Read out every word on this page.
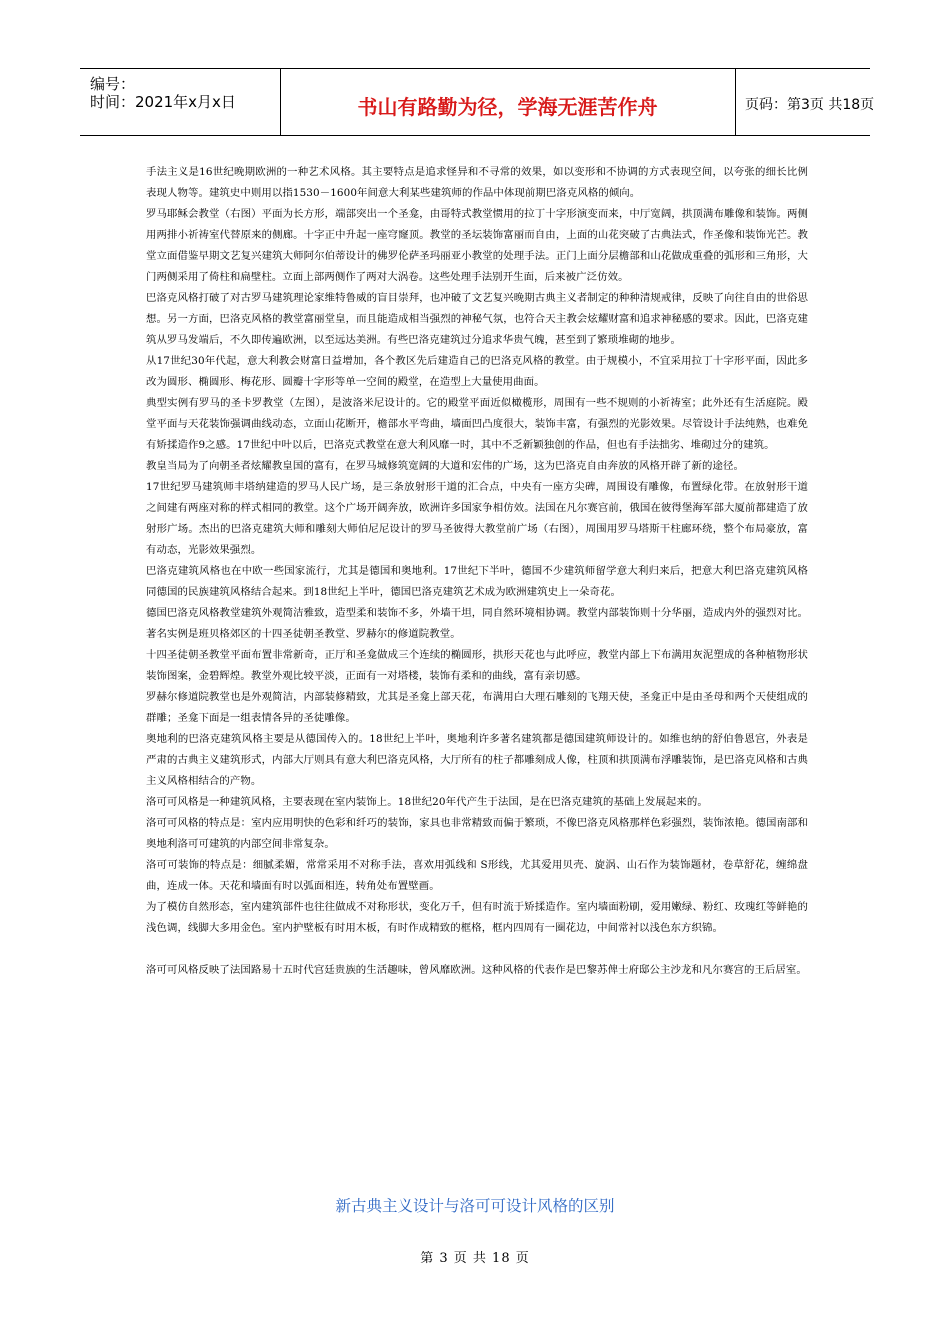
编号：
时间：2021年x月x日	书山有路勤为径，学海无涯苦作舟	页码：第3页 共18页

手法主义是16世纪晚期欧洲的一种艺术风格。其主要特点是追求怪异和不寻常的效果，如以变形和不协调的方式表现空间，以夸张的细长比例表现人物等。建筑史中则用以指1530－1600年间意大利某些建筑师的作品中体现前期巴洛克风格的倾向。

罗马耶稣会教堂（右图）平面为长方形，端部突出一个圣龛，由哥特式教堂惯用的拉丁十字形演变而来，中厅宽阔，拱顶满布雕像和装饰。两侧用两排小祈祷室代替原来的侧廊。十字正中升起一座穹窿顶。教堂的圣坛装饰富丽而自由，上面的山花突破了古典法式，作圣像和装饰光芒。教堂立面借鉴早期文艺复兴建筑大师阿尔伯蒂设计的佛罗伦萨圣玛丽亚小教堂的处理手法。正门上面分层檐部和山花做成重叠的弧形和三角形，大门两侧采用了倚柱和扁壁柱。立面上部两侧作了两对大涡卷。这些处理手法别开生面，后来被广泛仿效。

巴洛克风格打破了对古罗马建筑理论家维特鲁威的盲目崇拜，也冲破了文艺复兴晚期古典主义者制定的种种清规戒律，反映了向往自由的世俗思想。另一方面，巴洛克风格的教堂富丽堂皇，而且能造成相当强烈的神秘气氛，也符合天主教会炫耀财富和追求神秘感的要求。因此，巴洛克建筑从罗马发端后，不久即传遍欧洲，以至远达美洲。有些巴洛克建筑过分追求华贵气魄，甚至到了繁琐堆砌的地步。

从17世纪30年代起，意大利教会财富日益增加，各个教区先后建造自己的巴洛克风格的教堂。由于规模小，不宜采用拉丁十字形平面，因此多改为圆形、椭圆形、梅花形、圆瓣十字形等单一空间的殿堂，在造型上大量使用曲面。

典型实例有罗马的圣卡罗教堂（左图），是波洛米尼设计的。它的殿堂平面近似橄榄形，周围有一些不规则的小祈祷室；此外还有生活庭院。殿堂平面与天花装饰强调曲线动态，立面山花断开，檐部水平弯曲，墙面凹凸度很大，装饰丰富，有强烈的光影效果。尽管设计手法纯熟，也难免有矫揉造作9之感。17世纪中叶以后，巴洛克式教堂在意大利风靡一时，其中不乏新颖独创的作品，但也有手法拙劣、堆砌过分的建筑。

教皇当局为了向朝圣者炫耀教皇国的富有，在罗马城修筑宽阔的大道和宏伟的广场，这为巴洛克自由奔放的风格开辟了新的途径。

17世纪罗马建筑师丰塔纳建造的罗马人民广场，是三条放射形干道的汇合点，中央有一座方尖碑，周围设有雕像，布置绿化带。在放射形干道之间建有两座对称的样式相同的教堂。这个广场开阔奔放，欧洲许多国家争相仿效。法国在凡尔赛宫前，俄国在彼得堡海军部大厦前都建造了放射形广场。杰出的巴洛克建筑大师和雕刻大师伯尼尼设计的罗马圣彼得大教堂前广场（右图），周围用罗马塔斯干柱廊环绕，整个布局豪放，富有动态，光影效果强烈。

巴洛克建筑风格也在中欧一些国家流行，尤其是德国和奥地利。17世纪下半叶，德国不少建筑师留学意大利归来后，把意大利巴洛克建筑风格同德国的民族建筑风格结合起来。到18世纪上半叶，德国巴洛克建筑艺术成为欧洲建筑史上一朵奇花。

德国巴洛克风格教堂建筑外观简洁雅致，造型柔和装饰不多，外墙干坦，同自然环境相协调。教堂内部装饰则十分华丽，造成内外的强烈对比。著名实例是班贝格郊区的十四圣徒朝圣教堂、罗赫尔的修道院教堂。

十四圣徒朝圣教堂平面布置非常新奇，正厅和圣龛做成三个连续的椭圆形，拱形天花也与此呼应，教堂内部上下布满用灰泥塑成的各种植物形状装饰图案，金碧辉煌。教堂外观比较平淡，正面有一对塔楼，装饰有柔和的曲线，富有亲切感。

罗赫尔修道院教堂也是外观简洁，内部装修精致，尤其是圣龛上部天花，布满用白大理石雕刻的飞翔天使，圣龛正中是由圣母和两个天使组成的群雕；圣龛下面是一组表情各异的圣徒雕像。

奥地利的巴洛克建筑风格主要是从德国传入的。18世纪上半叶，奥地利许多著名建筑都是德国建筑师设计的。如维也纳的舒伯鲁恩宫，外表是严肃的古典主义建筑形式，内部大厅则具有意大利巴洛克风格，大厅所有的柱子都雕刻成人像，柱顶和拱顶满布浮雕装饰，是巴洛克风格和古典主义风格相结合的产物。

洛可可风格是一种建筑风格，主要表现在室内装饰上。18世纪20年代产生于法国，是在巴洛克建筑的基础上发展起来的。

洛可可风格的特点是：室内应用明快的色彩和纤巧的装饰，家具也非常精致而偏于繁琐，不像巴洛克风格那样色彩强烈，装饰浓艳。德国南部和奥地利洛可可建筑的内部空间非常复杂。

洛可可装饰的特点是：细腻柔媚，常常采用不对称手法，喜欢用弧线和 S形线，尤其爱用贝壳、旋涡、山石作为装饰题材，卷草舒花，缠绵盘曲，连成一体。天花和墙面有时以弧面相连，转角处布置壁画。

为了模仿自然形态，室内建筑部件也往往做成不对称形状，变化万千，但有时流于矫揉造作。室内墙面粉刷，爱用嫩绿、粉红、玫瑰红等鲜艳的浅色调，线脚大多用金色。室内护壁板有时用木板，有时作成精致的框格，框内四周有一圈花边，中间常衬以浅色东方织锦。

洛可可风格反映了法国路易十五时代宫廷贵族的生活趣味，曾风靡欧洲。这种风格的代表作是巴黎苏俾士府邸公主沙龙和凡尔赛宫的王后居室。

新古典主义设计与洛可可设计风格的区别
第 3 页 共 18 页
